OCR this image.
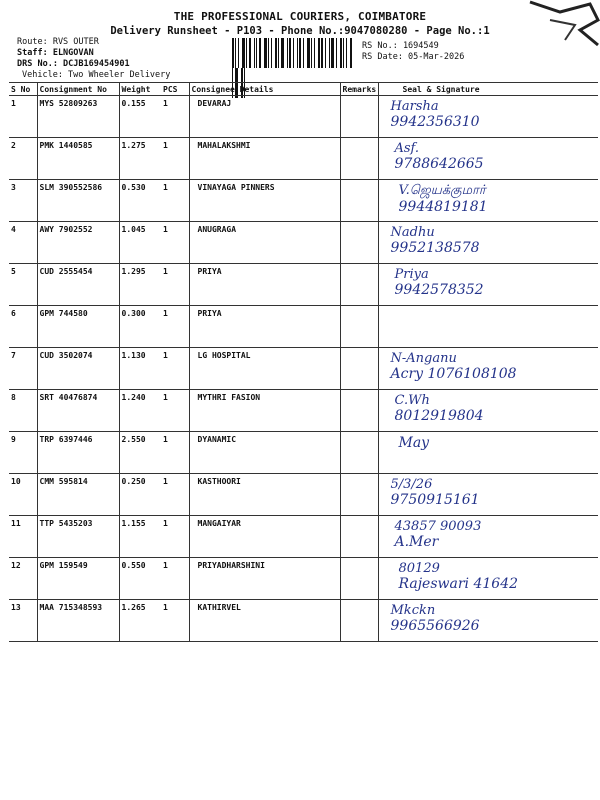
THE PROFESSIONAL COURIERS, COIMBATORE
Delivery Runsheet - P103 - Phone No.:9047080280 - Page No.:1
Route: RVS OUTER
Staff: ELNGOVAN
DRS No.: DCJB169454901
Vehicle: Two Wheeler Delivery
RS No.: 1694549
RS Date: 05-Mar-2026
S No	Consignment No	Weight	PCS	Consignee Details	Remarks	Seal & Signature
1	MYS 52809263	0.155	1	DEVARAJ		Harsha
9942356310

2	PMK 1440585	1.275	1	MAHALAKSHMI		Asf.
9788642665

3	SLM 390552586	0.530	1	VINAYAGA PINNERS		V.ஜெயக்குமார்
9944819181

4	AWY 7902552	1.045	1	ANUGRAGA		Nadhu
9952138578

5	CUD 2555454	1.295	1	PRIYA		Priya
9942578352

6	GPM 744580	0.300	1	PRIYA		

7	CUD 3502074	1.130	1	LG HOSPITAL		N-Anganu
Acry 1076108108

8	SRT 40476874	1.240	1	MYTHRI FASION		C.Wh
8012919804

9	TRP 6397446	2.550	1	DYANAMIC		May

10	CMM 595814	0.250	1	KASTHOORI		5/3/26
9750915161

11	TTP 5435203	1.155	1	MANGAIYAR		43857 90093
A.Mer

12	GPM 159549	0.550	1	PRIYADHARSHINI		80129
Rajeswari 41642

13	MAA 715348593	1.265	1	KATHIRVEL		Mkckn
9965566926
